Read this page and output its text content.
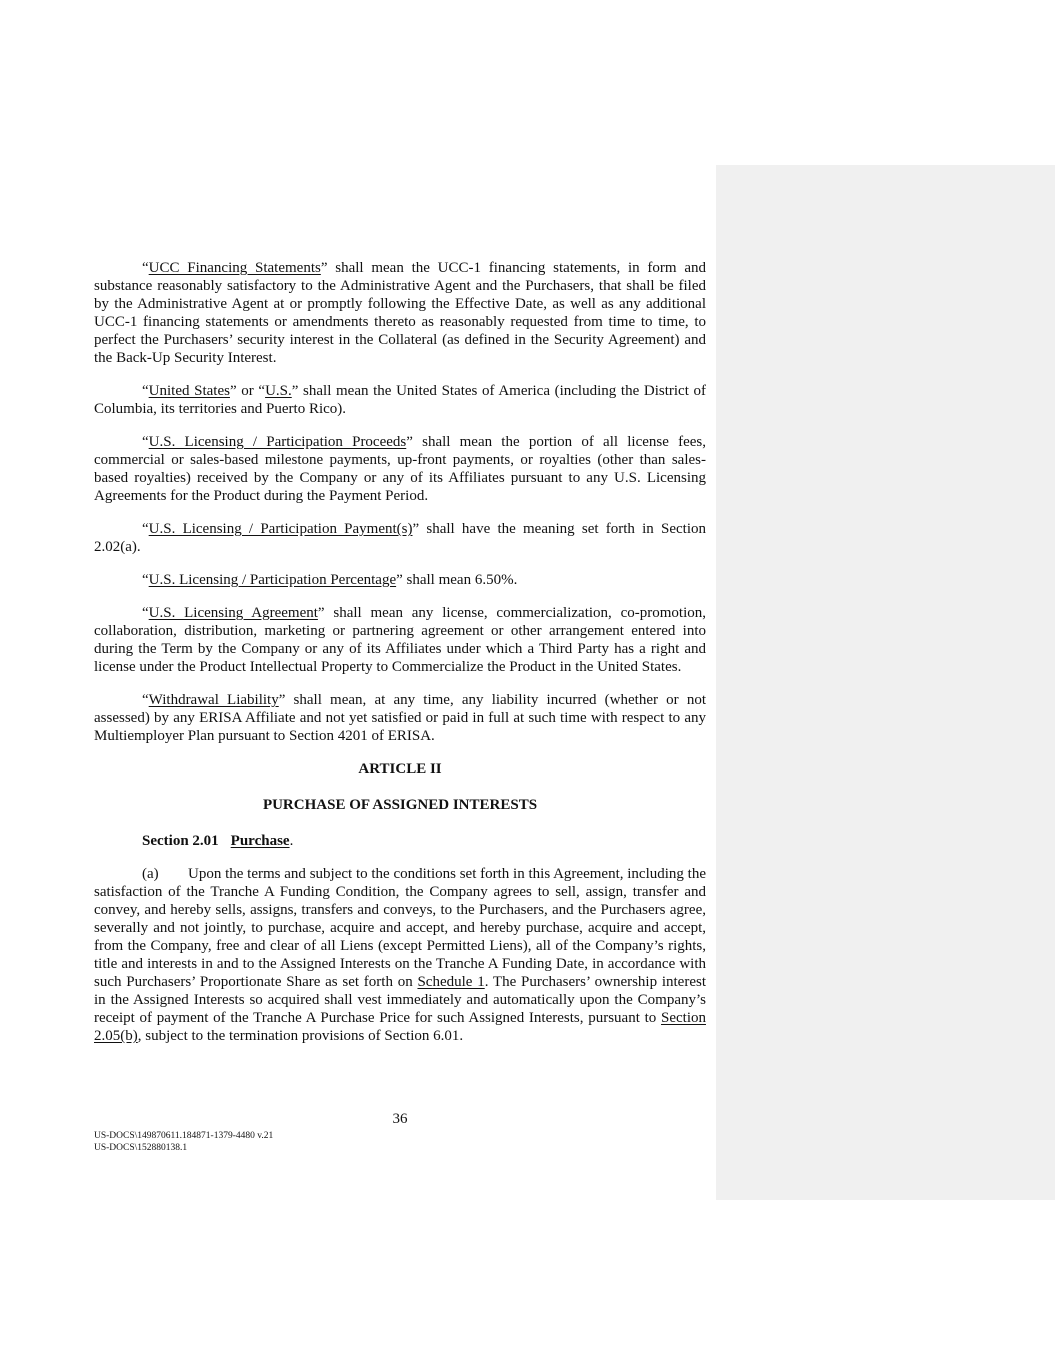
“UCC Financing Statements” shall mean the UCC-1 financing statements, in form and substance reasonably satisfactory to the Administrative Agent and the Purchasers, that shall be filed by the Administrative Agent at or promptly following the Effective Date, as well as any additional UCC-1 financing statements or amendments thereto as reasonably requested from time to time, to perfect the Purchasers’ security interest in the Collateral (as defined in the Security Agreement) and the Back-Up Security Interest.

“United States” or “U.S.” shall mean the United States of America (including the District of Columbia, its territories and Puerto Rico).

“U.S. Licensing / Participation Proceeds” shall mean the portion of all license fees, commercial or sales-based milestone payments, up-front payments, or royalties (other than sales-based royalties) received by the Company or any of its Affiliates pursuant to any U.S. Licensing Agreements for the Product during the Payment Period.

“U.S. Licensing / Participation Payment(s)” shall have the meaning set forth in Section 2.02(a).

“U.S. Licensing / Participation Percentage” shall mean 6.50%.

“U.S. Licensing Agreement” shall mean any license, commercialization, co-promotion, collaboration, distribution, marketing or partnering agreement or other arrangement entered into during the Term by the Company or any of its Affiliates under which a Third Party has a right and license under the Product Intellectual Property to Commercialize the Product in the United States.

“Withdrawal Liability” shall mean, at any time, any liability incurred (whether or not assessed) by any ERISA Affiliate and not yet satisfied or paid in full at such time with respect to any Multiemployer Plan pursuant to Section 4201 of ERISA.

ARTICLE II

PURCHASE OF ASSIGNED INTERESTS

Section 2.01 Purchase.

(a) Upon the terms and subject to the conditions set forth in this Agreement, including the satisfaction of the Tranche A Funding Condition, the Company agrees to sell, assign, transfer and convey, and hereby sells, assigns, transfers and conveys, to the Purchasers, and the Purchasers agree, severally and not jointly, to purchase, acquire and accept, and hereby purchase, acquire and accept, from the Company, free and clear of all Liens (except Permitted Liens), all of the Company’s rights, title and interests in and to the Assigned Interests on the Tranche A Funding Date, in accordance with such Purchasers’ Proportionate Share as set forth on Schedule 1. The Purchasers’ ownership interest in the Assigned Interests so acquired shall vest immediately and automatically upon the Company’s receipt of payment of the Tranche A Purchase Price for such Assigned Interests, pursuant to Section 2.05(b), subject to the termination provisions of Section 6.01.

36
US-DOCS\149870611.184871-1379-4480 v.21
US-DOCS\152880138.1
